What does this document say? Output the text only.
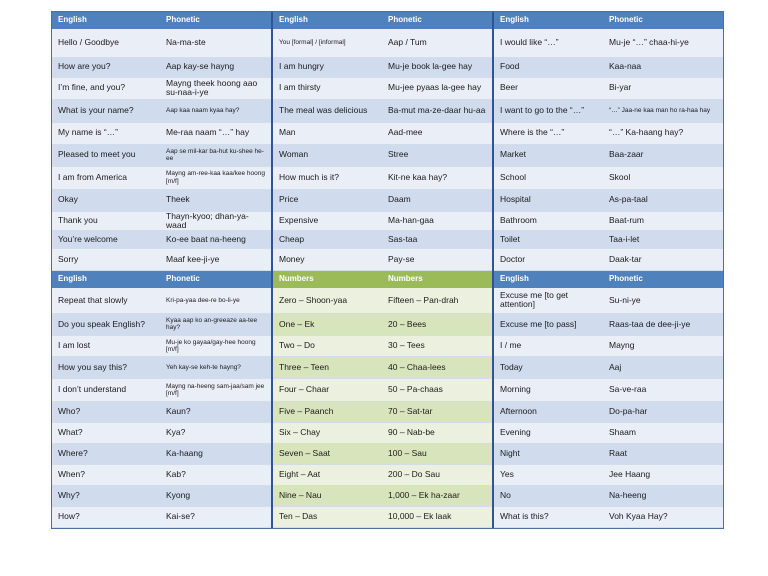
English	Phonetic	English	Phonetic	English	Phonetic
Hello / Goodbye	Na-ma-ste	You [formal] / [informal]	Aap / Tum	I would like “…”	Mu-je “…” chaa-hi-ye
How are you?	Aap kay-se hayng	I am hungry	Mu-je book la-gee hay	Food	Kaa-naa
I’m fine, and you?	Mayng theek hoong aao su-naa-i-ye	I am thirsty	Mu-jee pyaas la-gee hay	Beer	Bi-yar
What is your name?	Aap kaa naam kyaa hay?	The meal was delicious	Ba-mut ma-ze-daar hu-aa	I want to go to the “…”	“…” Jaa-ne kaa man ho ra-haa hay
My name is “…”	Me-raa naam “…” hay	Man	Aad-mee	Where is the “…”	“…” Ka-haang hay?
Pleased to meet you	Aap se mil-kar ba-hut ku-shee he-ee	Woman	Stree	Market	Baa-zaar
I am from America	Mayng am-ree-kaa kaa/kee hoong [m/f]	How much is it?	Kit-ne kaa hay?	School	Skool
Okay	Theek	Price	Daam	Hospital	As-pa-taal
Thank you	Thayn-kyoo; dhan-ya-waad	Expensive	Ma-han-gaa	Bathroom	Baat-rum
You’re welcome	Ko-ee baat na-heeng	Cheap	Sas-taa	Toilet	Taa-i-let
Sorry	Maaf kee-ji-ye	Money	Pay-se	Doctor	Daak-tar
English	Phonetic	Numbers	Numbers	English	Phonetic
Repeat that slowly	Kri-pa-yaa dee-re bo-li-ye	Zero – Shoon-yaa	Fifteen – Pan-drah	Excuse me [to get attention]	Su-ni-ye
Do you speak English?	Kyaa aap ko an-greeaze aa-tee hay?	One – Ek	20 – Bees	Excuse me [to pass]	Raas-taa de dee-ji-ye
I am lost	Mu-je ko gayaa/gay-hee hoong [m/f]	Two – Do	30 – Tees	I / me	Mayng
How you say this?	Yeh kay-se keh-te hayng?	Three – Teen	40 – Chaa-lees	Today	Aaj
I don’t understand	Mayng na-heeng sam-jaa/sam jee [m/f]	Four – Chaar	50 – Pa-chaas	Morning	Sa-ve-raa
Who?	Kaun?	Five – Paanch	70 – Sat-tar	Afternoon	Do-pa-har
What?	Kya?	Six – Chay	90 – Nab-be	Evening	Shaam
Where?	Ka-haang	Seven – Saat	100 – Sau	Night	Raat
When?	Kab?	Eight – Aat	200 – Do Sau	Yes	Jee Haang
Why?	Kyong	Nine – Nau	1,000 – Ek ha-zaar	No	Na-heeng
How?	Kai-se?	Ten – Das	10,000 – Ek laak	What is this?	Voh Kyaa Hay?
